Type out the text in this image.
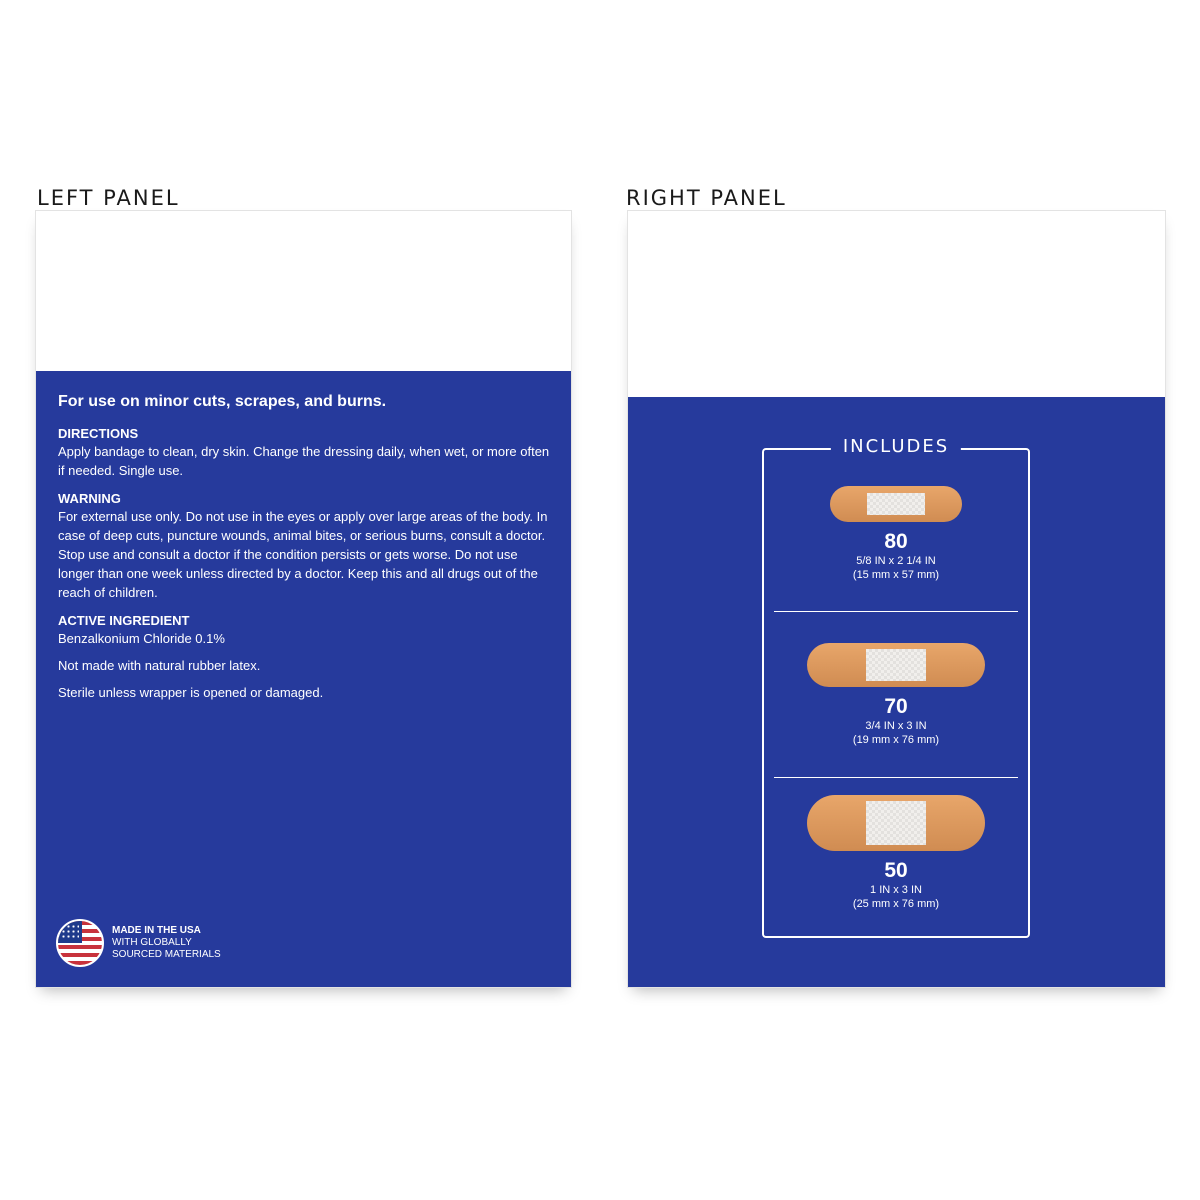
LEFT PANEL
For use on minor cuts, scrapes, and burns.
DIRECTIONS
Apply bandage to clean, dry skin. Change the dressing daily, when wet, or more often if needed. Single use.
WARNING
For external use only. Do not use in the eyes or apply over large areas of the body. In case of deep cuts, puncture wounds, animal bites, or serious burns, consult a doctor. Stop use and consult a doctor if the condition persists or gets worse. Do not use longer than one week unless directed by a doctor. Keep this and all drugs out of the reach of children.
ACTIVE INGREDIENT
Benzalkonium Chloride 0.1%
Not made with natural rubber latex.
Sterile unless wrapper is opened or damaged.
MADE IN THE USA
WITH GLOBALLY
SOURCED MATERIALS
RIGHT PANEL
INCLUDES
80
5/8 IN x 2 1/4 IN
(15 mm x 57 mm)
70
3/4 IN x 3 IN
(19 mm x 76 mm)
50
1 IN x 3 IN
(25 mm x 76 mm)
